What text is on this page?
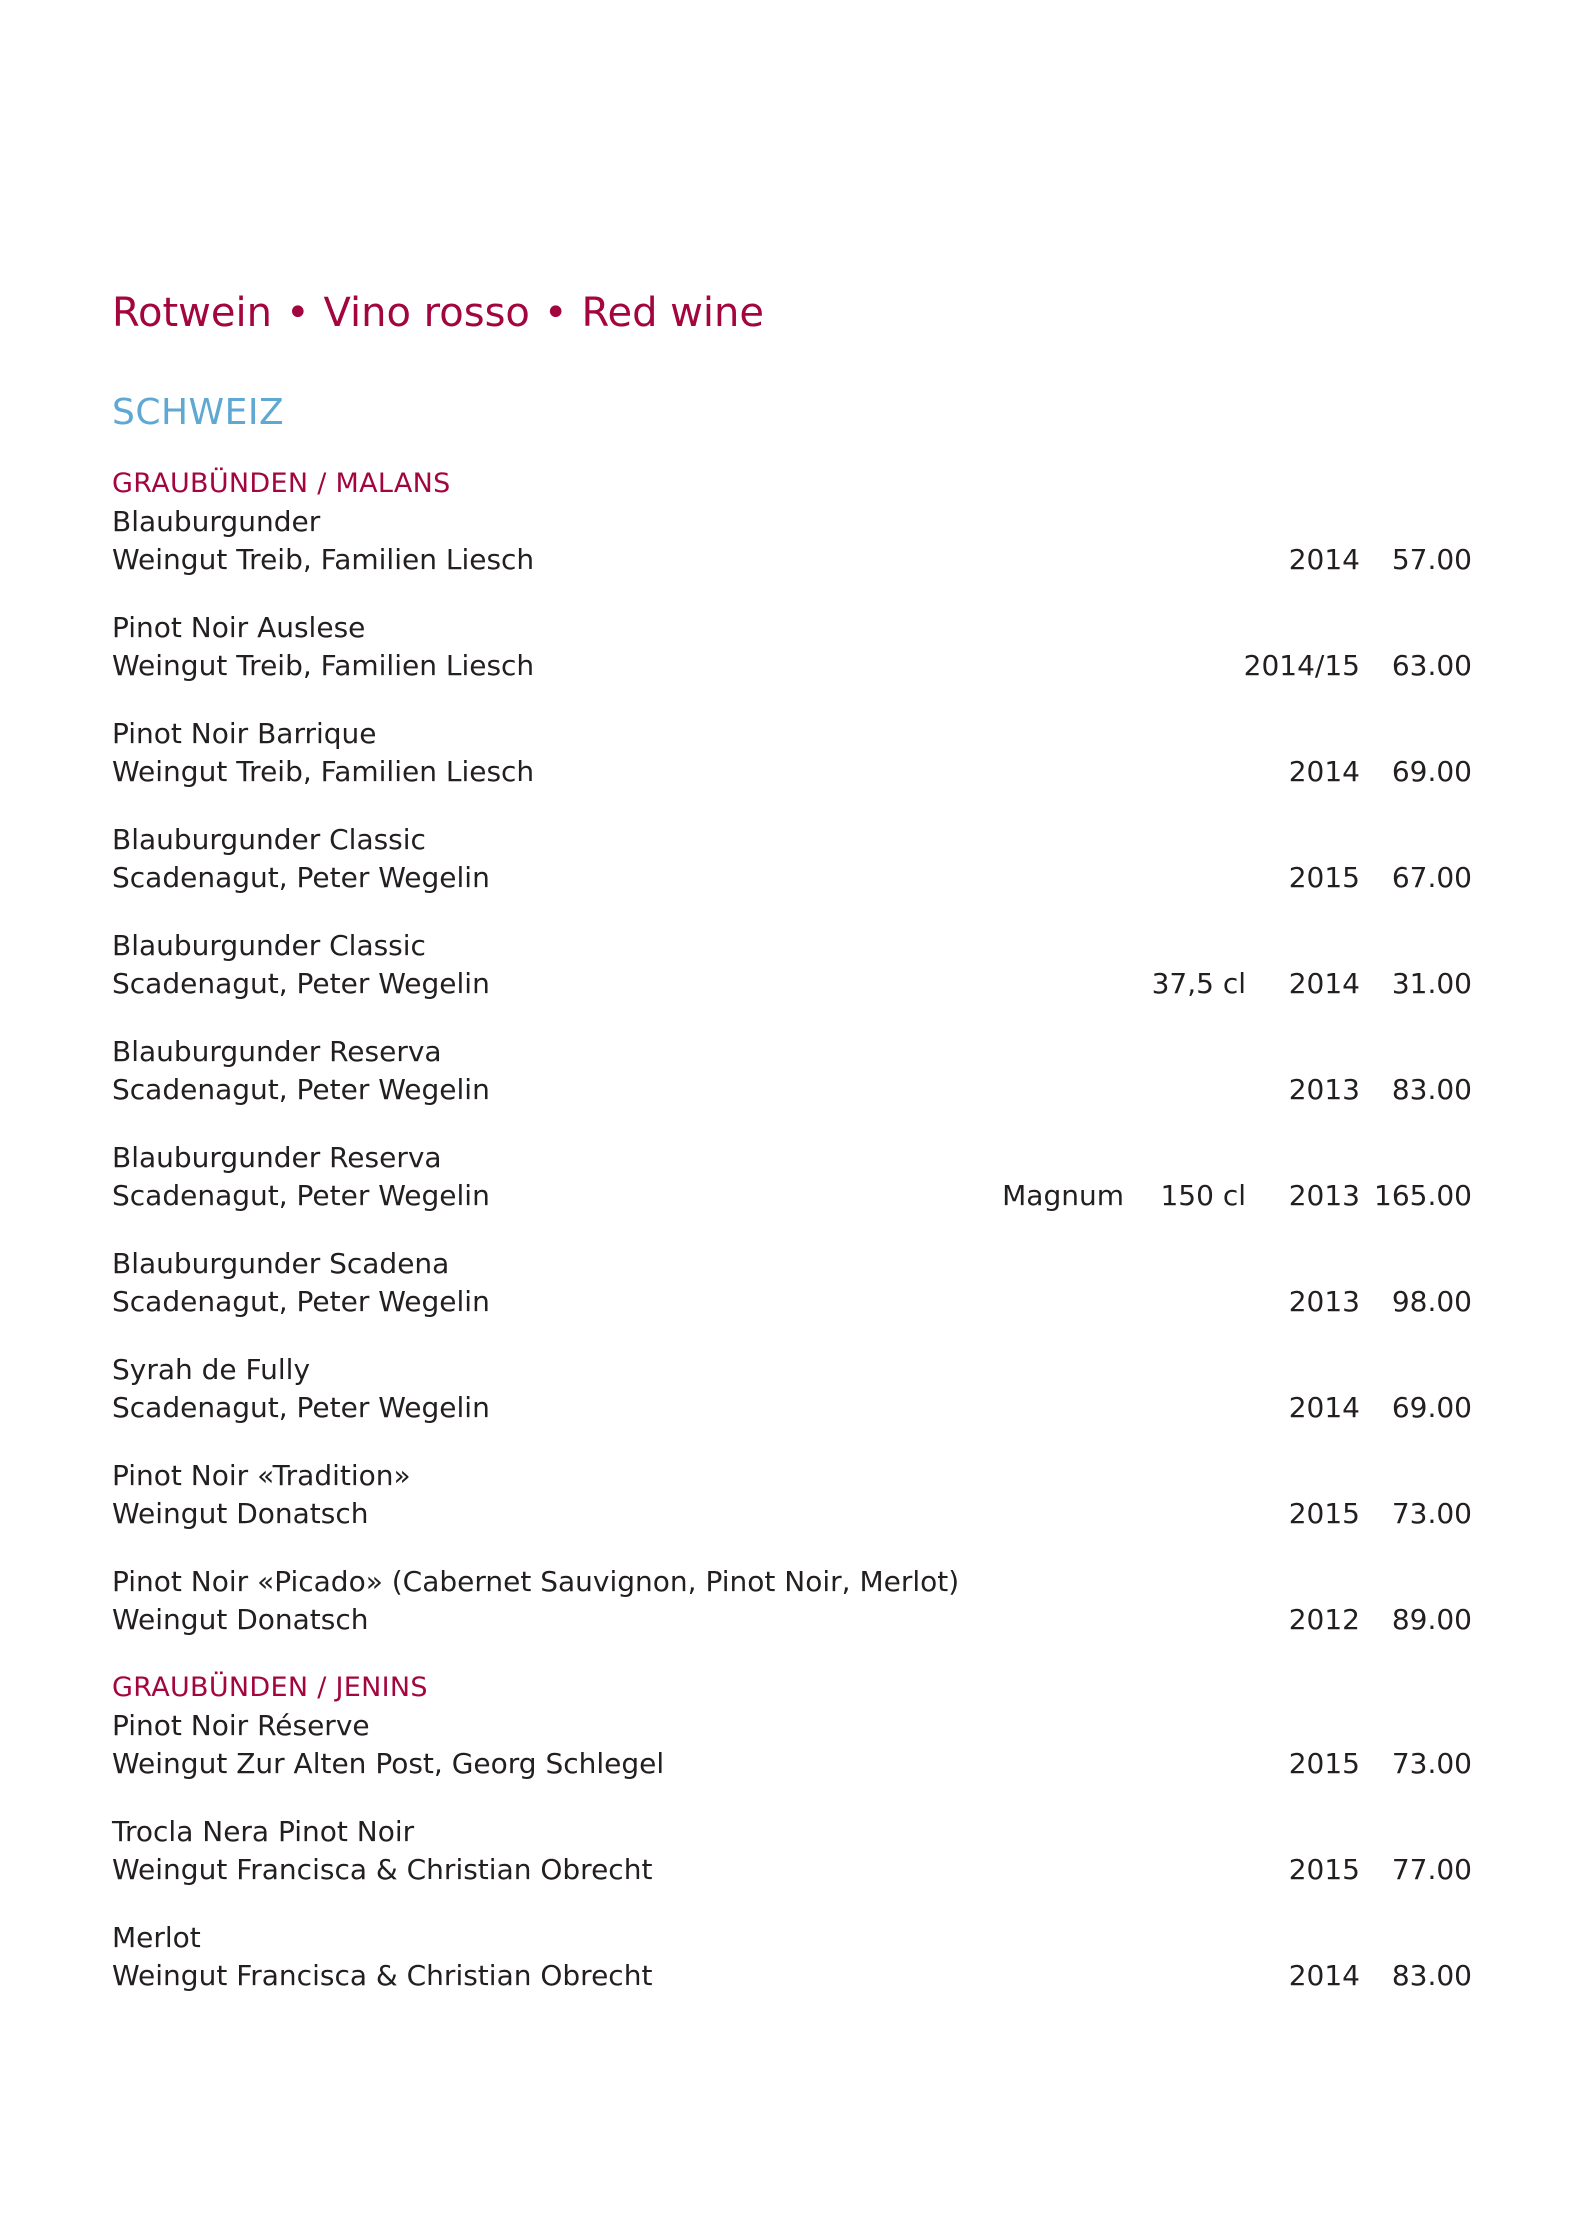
Rotwein • Vino rosso • Red wine
SCHWEIZ
GRAUBÜNDEN / MALANS
Blauburgunder
Weingut Treib, Familien Liesch	2014 57.00
Pinot Noir Auslese
Weingut Treib, Familien Liesch	2014/15 63.00
Pinot Noir Barrique
Weingut Treib, Familien Liesch	2014 69.00
Blauburgunder Classic
Scadenagut, Peter Wegelin	2015 67.00
Blauburgunder Classic
Scadenagut, Peter Wegelin	37,5 cl 2014 31.00
Blauburgunder Reserva
Scadenagut, Peter Wegelin	2013 83.00
Blauburgunder Reserva
Scadenagut, Peter Wegelin	Magnum 150 cl 2013 165.00
Blauburgunder Scadena
Scadenagut, Peter Wegelin	2013 98.00
Syrah de Fully
Scadenagut, Peter Wegelin	2014 69.00
Pinot Noir «Tradition»
Weingut Donatsch	2015 73.00
Pinot Noir «Picado» (Cabernet Sauvignon, Pinot Noir, Merlot)
Weingut Donatsch	2012 89.00
GRAUBÜNDEN / JENINS
Pinot Noir Réserve
Weingut Zur Alten Post, Georg Schlegel	2015 73.00
Trocla Nera Pinot Noir
Weingut Francisca & Christian Obrecht	2015 77.00
Merlot
Weingut Francisca & Christian Obrecht	2014 83.00
